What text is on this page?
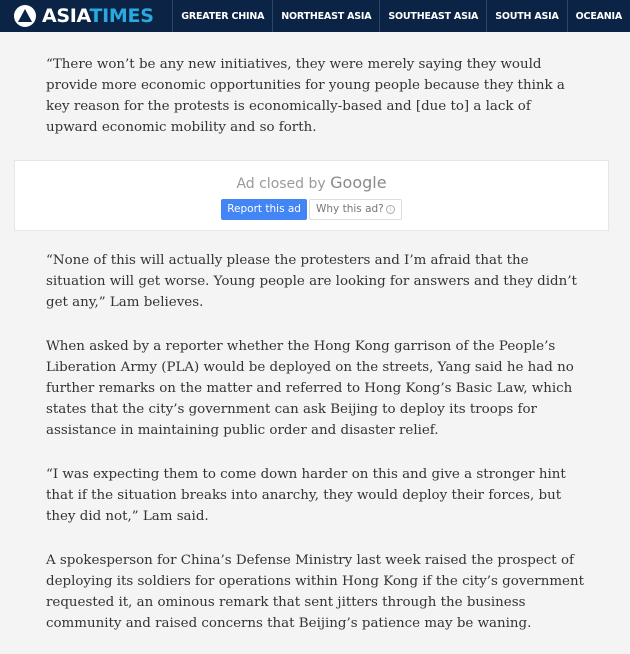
ASIATIMES	GREATER CHINA	NORTHEAST ASIA	SOUTHEAST ASIA	SOUTH ASIA	OCEANIA

“There won’t be any new initiatives, they were merely saying they would provide more economic opportunities for young people because they think a key reason for the protests is economically-based and [due to] a lack of upward economic mobility and so forth.

Ad closed by Google
Report this ad	Why this ad? i

“None of this will actually please the protesters and I’m afraid that the situation will get worse. Young people are looking for answers and they didn’t get any,” Lam believes.

When asked by a reporter whether the Hong Kong garrison of the People’s Liberation Army (PLA) would be deployed on the streets, Yang said he had no further remarks on the matter and referred to Hong Kong’s Basic Law, which states that the city’s government can ask Beijing to deploy its troops for assistance in maintaining public order and disaster relief.

“I was expecting them to come down harder on this and give a stronger hint that if the situation breaks into anarchy, they would deploy their forces, but they did not,” Lam said.

A spokesperson for China’s Defense Ministry last week raised the prospect of deploying its soldiers for operations within Hong Kong if the city’s government requested it, an ominous remark that sent jitters through the business community and raised concerns that Beijing’s patience may be waning.
